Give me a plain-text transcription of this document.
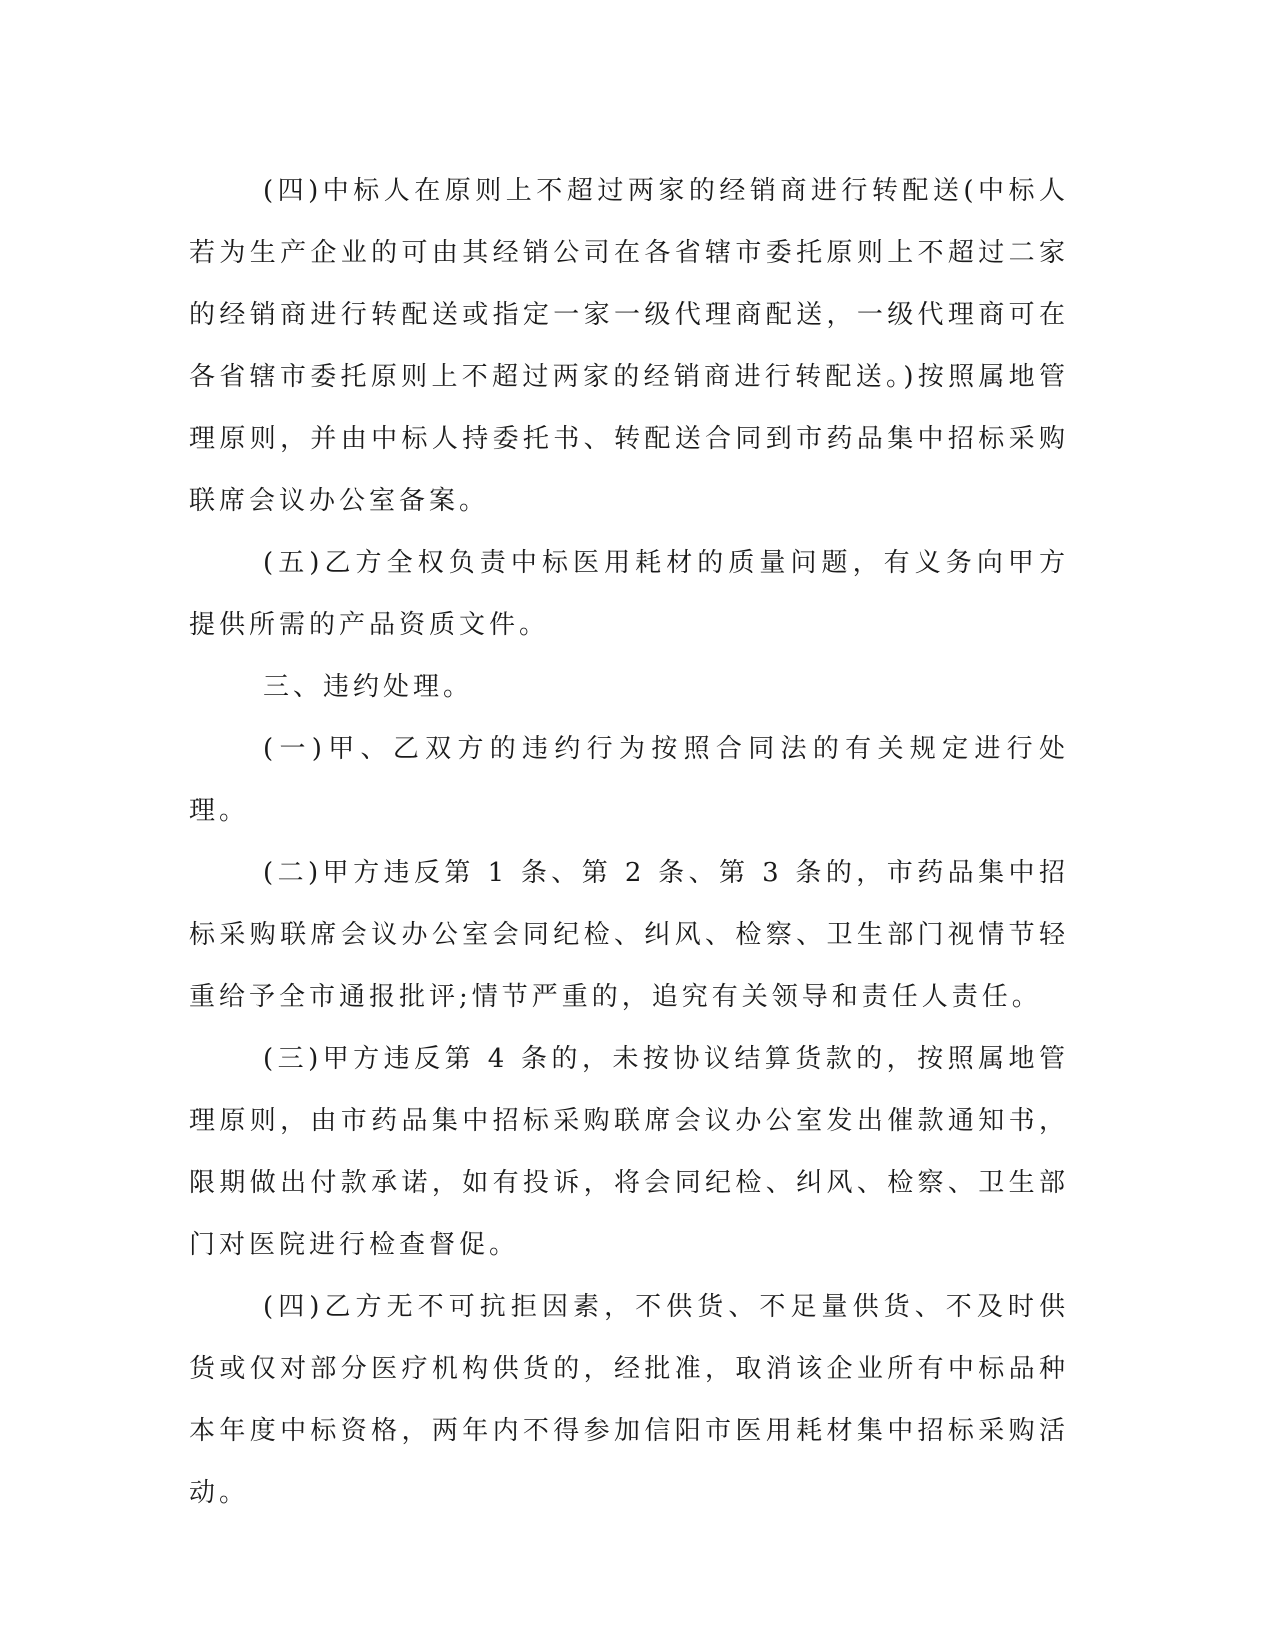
(四)中标人在原则上不超过两家的经销商进行转配送(中标人若为生产企业的可由其经销公司在各省辖市委托原则上不超过二家的经销商进行转配送或指定一家一级代理商配送，一级代理商可在各省辖市委托原则上不超过两家的经销商进行转配送。)按照属地管理原则，并由中标人持委托书、转配送合同到市药品集中招标采购联席会议办公室备案。

(五)乙方全权负责中标医用耗材的质量问题，有义务向甲方提供所需的产品资质文件。

三、违约处理。

(一)甲、乙双方的违约行为按照合同法的有关规定进行处理。

(二)甲方违反第 1 条、第 2 条、第 3 条的，市药品集中招标采购联席会议办公室会同纪检、纠风、检察、卫生部门视情节轻重给予全市通报批评;情节严重的，追究有关领导和责任人责任。

(三)甲方违反第 4 条的，未按协议结算货款的，按照属地管理原则，由市药品集中招标采购联席会议办公室发出催款通知书，限期做出付款承诺，如有投诉，将会同纪检、纠风、检察、卫生部门对医院进行检查督促。

(四)乙方无不可抗拒因素，不供货、不足量供货、不及时供货或仅对部分医疗机构供货的，经批准，取消该企业所有中标品种本年度中标资格，两年内不得参加信阳市医用耗材集中招标采购活动。
